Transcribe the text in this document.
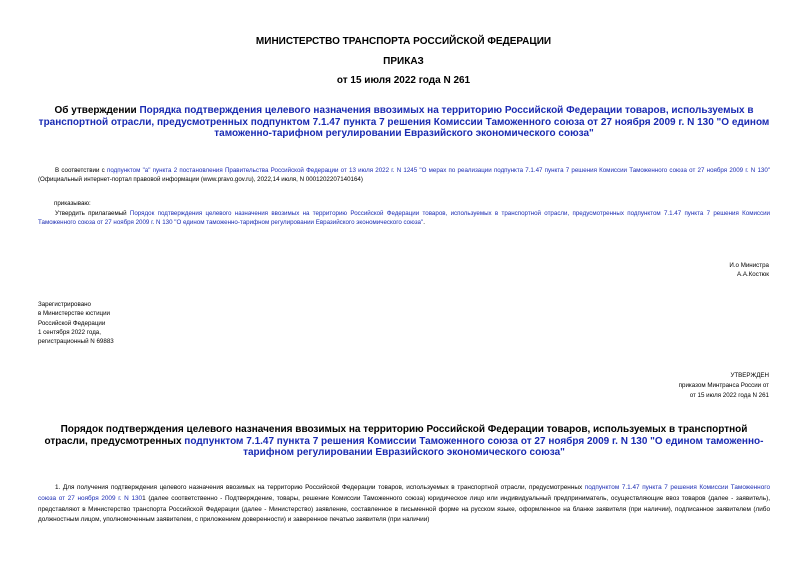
МИНИСТЕРСТВО ТРАНСПОРТА РОССИЙСКОЙ ФЕДЕРАЦИИ
ПРИКАЗ
от 15 июля 2022 года N 261
Об утверждении Порядка подтверждения целевого назначения ввозимых на территорию Российской Федерации товаров, используемых в транспортной отрасли, предусмотренных подпунктом 7.1.47 пункта 7 решения Комиссии Таможенного союза от 27 ноября 2009 г. N 130 "О едином таможенно-тарифном регулировании Евразийского экономического союза"
В соответствии с подпунктом "а" пункта 2 постановления Правительства Российской Федерации от 13 июля 2022 г. N 1245 "О мерах по реализации подпункта 7.1.47 пункта 7 решения Комиссии Таможенного союза от 27 ноября 2009 г. N 130" (Официальный интернет-портал правовой информации (www.pravo.gov.ru), 2022,14 июля, N 0001202207140164)
приказываю:
Утвердить прилагаемый Порядок подтверждения целевого назначения ввозимых на территорию Российской Федерации товаров, используемых в транспортной отрасли, предусмотренных подпунктом 7.1.47 пункта 7 решения Комиссии Таможенного союза от 27 ноября 2009 г. N 130 "О едином таможенно-тарифном регулировании Евразийского экономического союза".
И.о Министра
А.А.Костюк
Зарегистрировано
в Министерстве юстиции
Российской Федерации
1 сентября 2022 года,
регистрационный N 69883
УТВЕРЖДЕН
приказом Минтранса России от
от 15 июля 2022 года N 261
Порядок подтверждения целевого назначения ввозимых на территорию Российской Федерации товаров, используемых в транспортной отрасли, предусмотренных подпунктом 7.1.47 пункта 7 решения Комиссии Таможенного союза от 27 ноября 2009 г. N 130 "О едином таможенно-тарифном регулировании Евразийского экономического союза"
1. Для получения подтверждения целевого назначения ввозимых на территорию Российской Федерации товаров, используемых в транспортной отрасли, предусмотренных подпунктом 7.1.47 пункта 7 решения Комиссии Таможенного союза от 27 ноября 2009 г. N 1301 (далее соответственно - Подтверждение, товары, решение Комиссии Таможенного союза) юридическое лицо или индивидуальный предприниматель, осуществляющие ввоз товаров (далее - заявитель), представляют в Министерство транспорта Российской Федерации (далее - Министерство) заявление, составленное в письменной форме на русском языке, оформленное на бланке заявителя (при наличии), подписанное заявителем (либо должностным лицом, уполномоченным заявителем, с приложением доверенности) и заверенное печатью заявителя (при наличии)
